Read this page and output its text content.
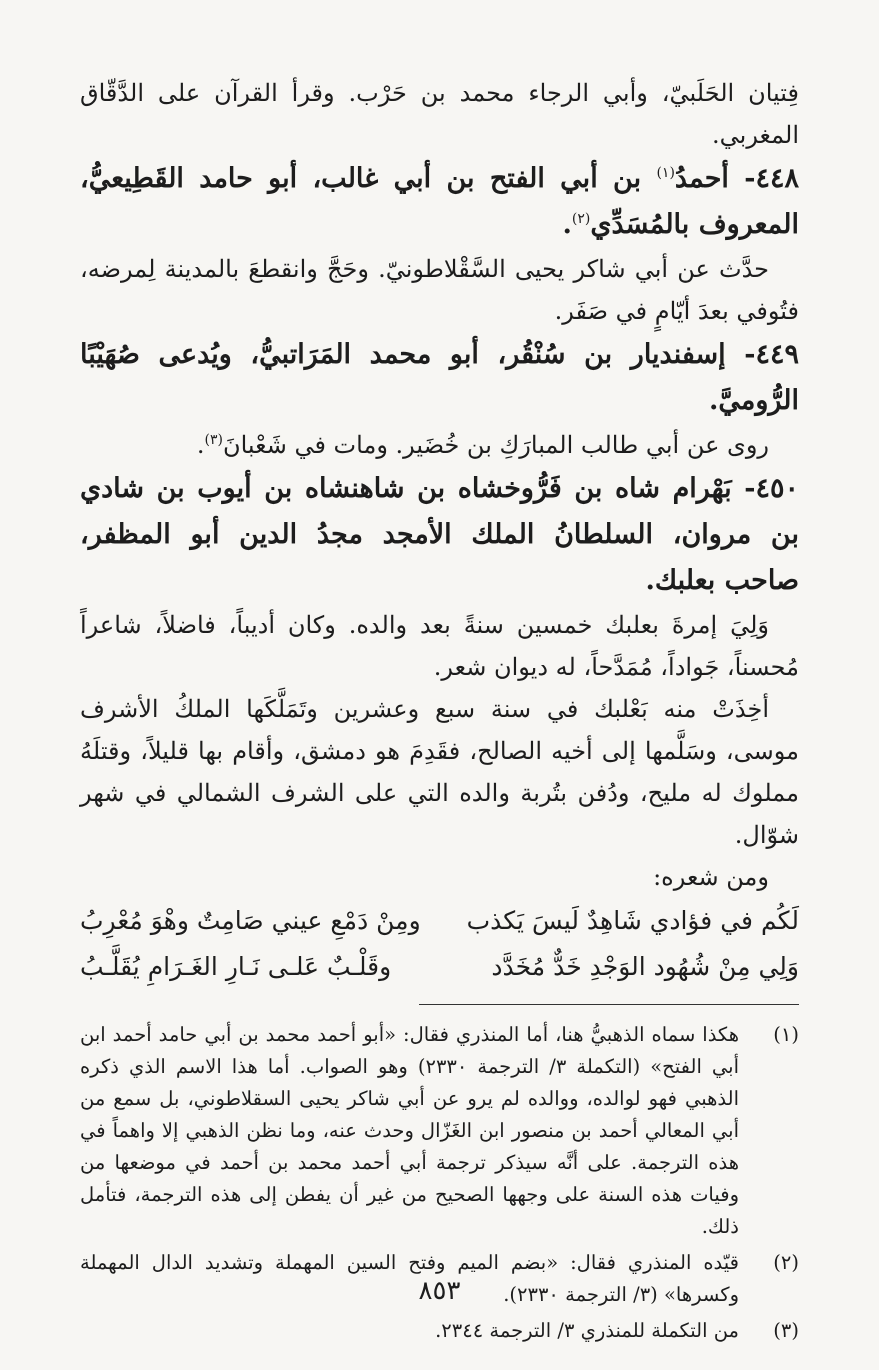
فِتيان الحَلَبيّ، وأبي الرجاء محمد بن حَرْب. وقرأ القرآن على الدَّقّاق المغربي.

٤٤٨- أحمدُ$^{(١)}$ بن أبي الفتح بن أبي غالب، أبو حامد القَطِيعيُّ، المعروف بالمُسَدِّي$^{(٢)}$.

حدَّث عن أبي شاكر يحيى السَّقْلاطونيّ. وحَجَّ وانقطعَ بالمدينة لِمرضه، فتُوفي بعدَ أيّامٍ في صَفَر.

٤٤٩- إسفنديار بن سُنْقُر، أبو محمد المَرَاتبيُّ، ويُدعى صُهَيْبًا الرُّوميَّ.

روى عن أبي طالب المبارَكِ بن خُضَير. ومات في شَعْبانَ$^{(٣)}$.

٤٥٠- بَهْرام شاه بن فَرُّوخشاه بن شاهنشاه بن أيوب بن شادي بن مروان، السلطانُ الملك الأمجد مجدُ الدين أبو المظفر، صاحب بعلبك.

وَلِيَ إمرةَ بعلبك خمسين سنةً بعد والده. وكان أديباً، فاضلاً، شاعراً مُحسناً، جَواداً، مُمَدَّحاً، له ديوان شعر.

أخِذَتْ منه بَعْلبك في سنة سبع وعشرين وتَمَلَّكَها الملكُ الأشرف موسى، وسَلَّمها إلى أخيه الصالح، فقَدِمَ هو دمشق، وأقام بها قليلاً، وقتلَهُ مملوك له مليح، ودُفن بتُربة والده التي على الشرف الشمالي في شهر شوّال.

ومن شعره:

لَكُم في فؤادي شَاهِدٌ لَيسَ يَكذب
ومِنْ دَمْعِ عيني صَامِتٌ وهْوَ مُعْرِبُ
وَلِي مِنْ شُهُود الوَجْدِ خَدٌّ مُخَدَّد
وقَلْـبٌ عَلـى نَـارِ الغَـرَامِ يُقَلَّـبُ
(١)
هكذا سماه الذهبيُّ هنا، أما المنذري فقال: «أبو أحمد محمد بن أبي حامد أحمد ابن أبي الفتح» (التكملة ٣/ الترجمة ٢٣٣٠) وهو الصواب. أما هذا الاسم الذي ذكره الذهبي فهو لوالده، ووالده لم يرو عن أبي شاكر يحيى السقلاطوني، بل سمع من أبي المعالي أحمد بن منصور ابن الغَزّال وحدث عنه، وما نظن الذهبي إلا واهماً في هذه الترجمة. على أنَّه سيذكر ترجمة أبي أحمد محمد بن أحمد في موضعها من وفيات هذه السنة على وجهها الصحيح من غير أن يفطن إلى هذه الترجمة، فتأمل ذلك.
(٢)
قيّده المنذري فقال: «بضم الميم وفتح السين المهملة وتشديد الدال المهملة وكسرها» (٣/ الترجمة ٢٣٣٠).
(٣)
من التكملة للمنذري ٣/ الترجمة ٢٣٤٤.
٨٥٣
